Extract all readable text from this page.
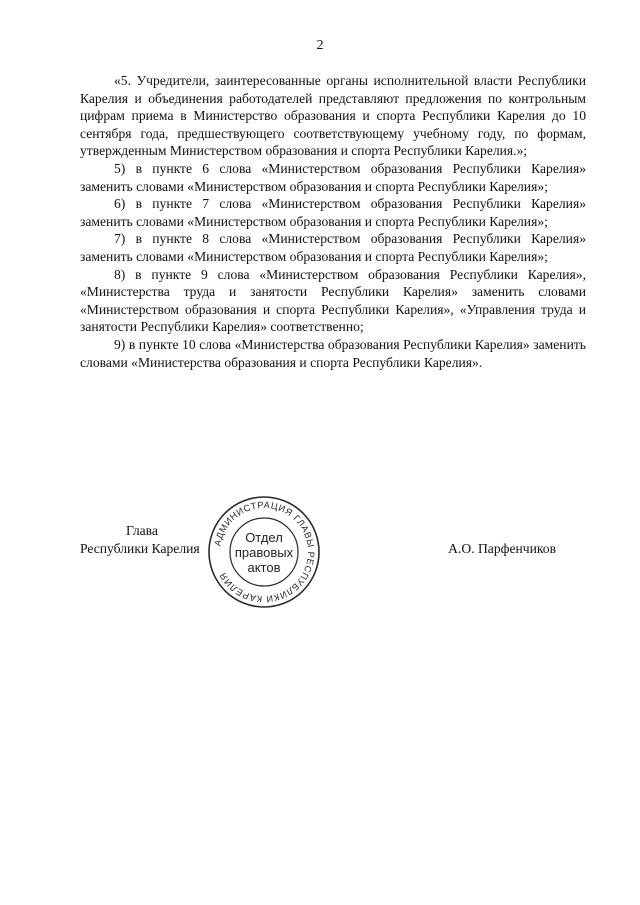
2

«5. Учредители, заинтересованные органы исполнительной власти Республики Карелия и объединения работодателей представляют предложения по контрольным цифрам приема в Министерство образования и спорта Республики Карелия до 10 сентября года, предшествующего соответствующему учебному году, по формам, утвержденным Министерством образования и спорта Республики Карелия.»;

5) в пункте 6 слова «Министерством образования Республики Карелия» заменить словами «Министерством образования и спорта Республики Карелия»;

6) в пункте 7 слова «Министерством образования Республики Карелия» заменить словами «Министерством образования и спорта Республики Карелия»;

7) в пункте 8 слова «Министерством образования Республики Карелия» заменить словами «Министерством образования и спорта Республики Карелия»;

8) в пункте 9 слова «Министерством образования Республики Карелия», «Министерства труда и занятости Республики Карелия» заменить словами «Министерством образования и спорта Республики Карелия», «Управления труда и занятости Республики Карелия» соответственно;

9) в пункте 10 слова «Министерства образования Республики Карелия» заменить словами «Министерства образования и спорта Республики Карелия».

Глава
Республики Карелия	А.О. Парфенчиков
АДМИНИСТРАЦИЯ ГЛАВЫ РЕСПУБЛИКИ КАРЕЛИЯ
Отдел
правовых
актов
